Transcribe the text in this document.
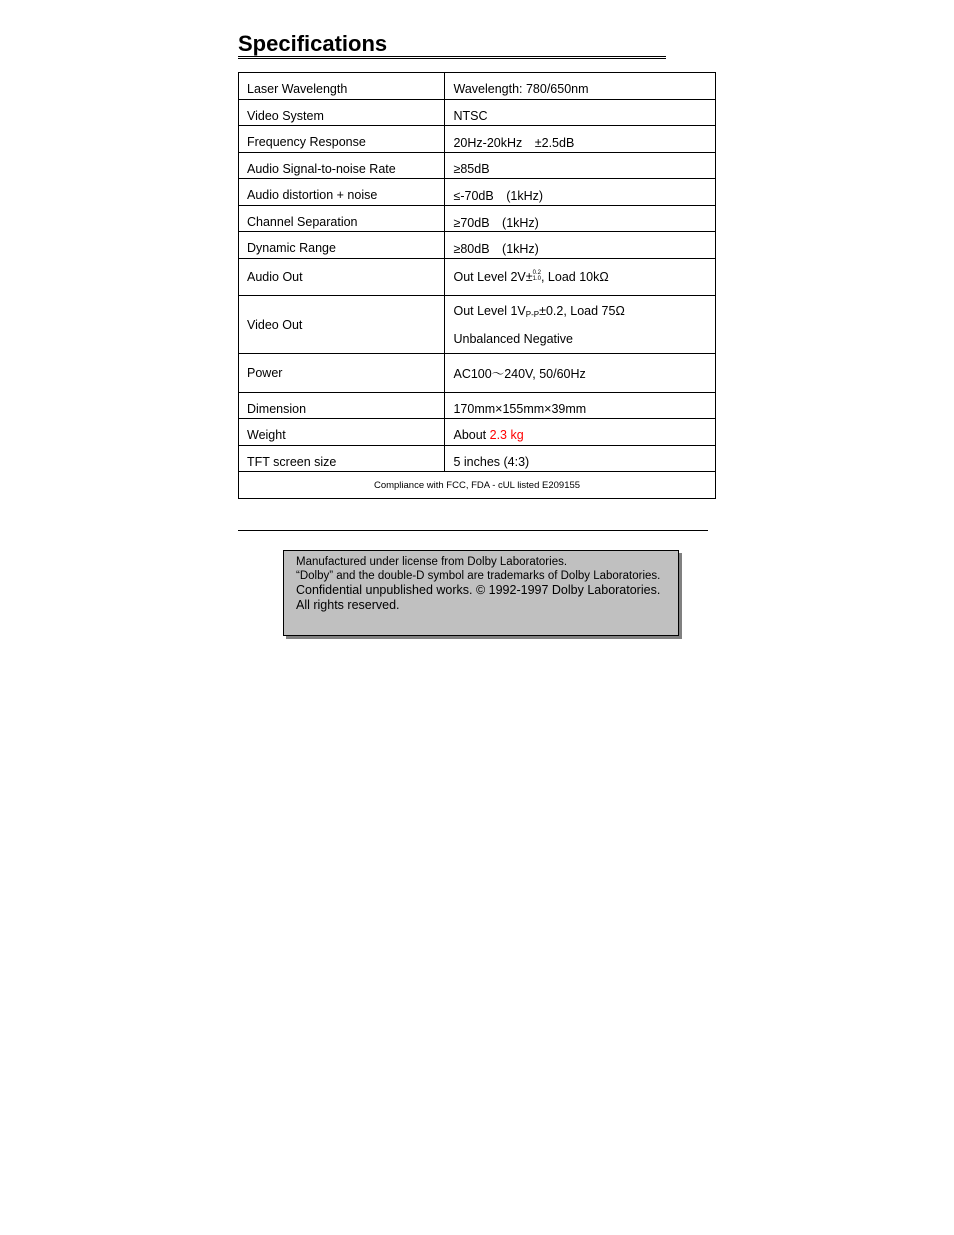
Specifications
Laser Wavelength	Wavelength: 780/650nm
Video System	NTSC
Frequency Response	20Hz-20kHz　±2.5dB
Audio Signal-to-noise Rate	≥85dB
Audio distortion + noise	≤-70dB　(1kHz)
Channel Separation	≥70dB　(1kHz)
Dynamic Range	≥80dB　(1kHz)
Audio Out	Out Level 2V±0.2
1.0, Load 10kΩ
Video Out	Out Level $1V_{P-P}\pm 0.2$, Load 75Ω
Unbalanced Negative

Power	AC100～240V, 50/60Hz
Dimension	170mm×155mm×39mm
Weight	About 2.3 kg
TFT screen size	5 inches (4:3)
Compliance with FCC, FDA - cUL listed E209155	
Manufactured under license from Dolby Laboratories.
“Dolby” and the double-D symbol are trademarks of Dolby Laboratories.
Confidential unpublished works. © 1992-1997 Dolby Laboratories.
All rights reserved.
